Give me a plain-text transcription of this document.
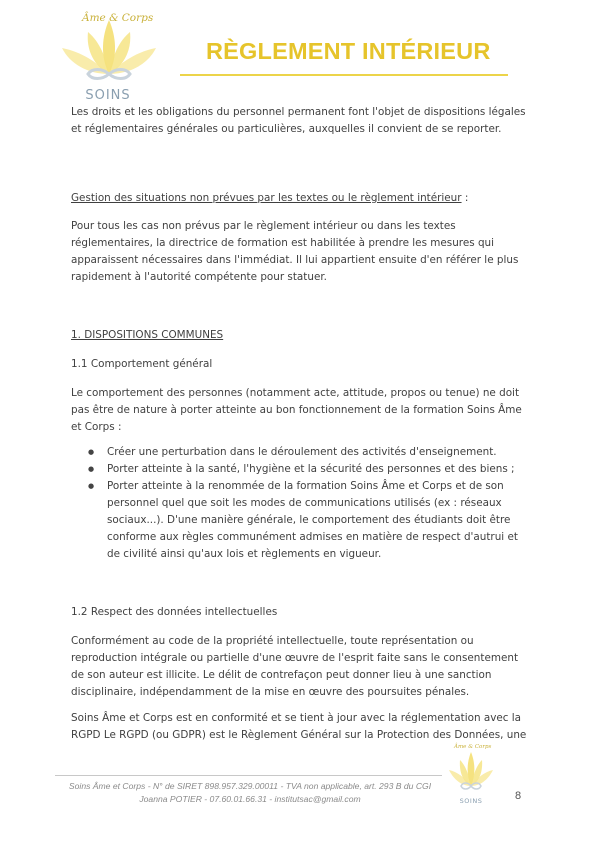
Âme & Corps
SOINS
RÈGLEMENT INTÉRIEUR

Les droits et les obligations du personnel permanent font l'objet de dispositions légales et réglementaires générales ou particulières, auxquelles il convient de se reporter.

Gestion des situations non prévues par les textes ou le règlement intérieur :

Pour tous les cas non prévus par le règlement intérieur ou dans les textes réglementaires, la directrice de formation est habilitée à prendre les mesures qui apparaissent nécessaires dans l'immédiat. Il lui appartient ensuite d'en référer le plus rapidement à l'autorité compétente pour statuer.

1. DISPOSITIONS COMMUNES

1.1 Comportement général

Le comportement des personnes (notamment acte, attitude, propos ou tenue) ne doit pas être de nature à porter atteinte au bon fonctionnement de la formation Soins Âme et Corps :

● Créer une perturbation dans le déroulement des activités d'enseignement.
● Porter atteinte à la santé, l'hygiène et la sécurité des personnes et des biens ;
● Porter atteinte à la renommée de la formation Soins Âme et Corps et de son personnel quel que soit les modes de communications utilisés (ex : réseaux sociaux...). D'une manière générale, le comportement des étudiants doit être conforme aux règles communément admises en matière de respect d'autrui et de civilité ainsi qu'aux lois et règlements en vigueur.

1.2 Respect des données intellectuelles

Conformément au code de la propriété intellectuelle, toute représentation ou reproduction intégrale ou partielle d'une œuvre de l'esprit faite sans le consentement de son auteur est illicite. Le délit de contrefaçon peut donner lieu à une sanction disciplinaire, indépendamment de la mise en œuvre des poursuites pénales.

Soins Âme et Corps est en conformité et se tient à jour avec la réglementation avec la RGPD Le RGPD (ou GDPR) est le Règlement Général sur la Protection des Données, une

Soins Âme et Corps - N° de SIRET 898.957.329.00011 - TVA non applicable, art. 293 B du CGI
Joanna POTIER - 07.60.01.66.31 - institutsac@gmail.com
Âme & Corps
SOINS	8
